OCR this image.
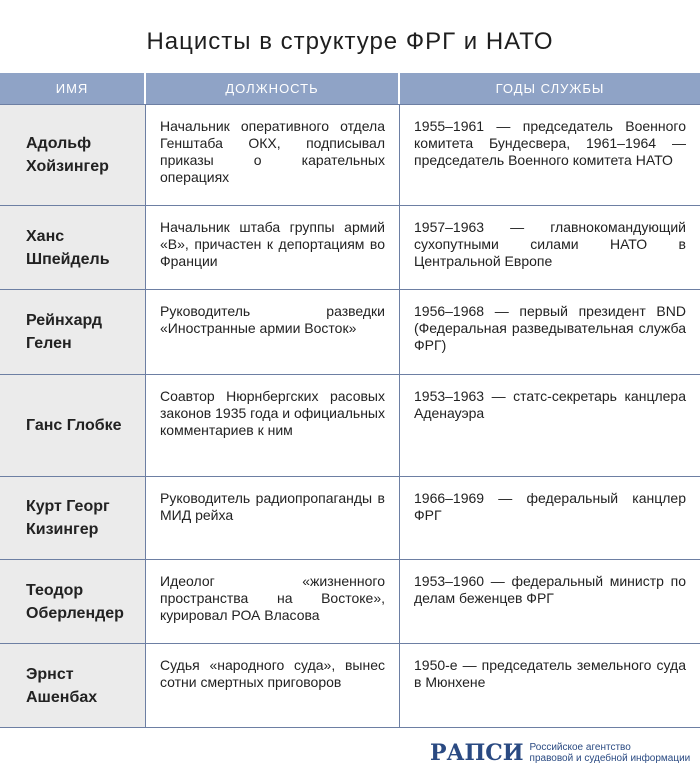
Нацисты в структуре ФРГ и НАТО
ИМЯ	ДОЛЖНОСТЬ	ГОДЫ СЛУЖБЫ
Адольф Хойзингер
Начальник оперативного отдела Генштаба ОКХ, подписывал приказы о карательных операциях
1955–1961 — председатель Военного комитета Бундесвера, 1961–1964 — председатель Военного комитета НАТО
Ханс Шпейдель
Начальник штаба группы армий «В», причастен к депортациям во Франции
1957–1963 — главнокомандующий сухопутными силами НАТО в Центральной Европе
Рейнхард Гелен
Руководитель разведки «Иностранные армии Восток»
1956–1968 — первый президент BND (Федеральная разведывательная служба ФРГ)
Ганс Глобке
Соавтор Нюрнбергских расовых законов 1935 года и официальных комментариев к ним
1953–1963 — статс-секретарь канцлера Аденауэра
Курт Георг Кизингер
Руководитель радиопропаганды в МИД рейха
1966–1969 — федеральный канцлер ФРГ
Теодор Оберлендер
Идеолог «жизненного пространства на Востоке», курировал РОА Власова
1953–1960 — федеральный министр по делам беженцев ФРГ
Эрнст Ашенбах
Судья «народного суда», вынес сотни смертных приговоров
1950-е — председатель земельного суда в Мюнхене
РАПСИ Российское агентство
правовой и судебной информации
